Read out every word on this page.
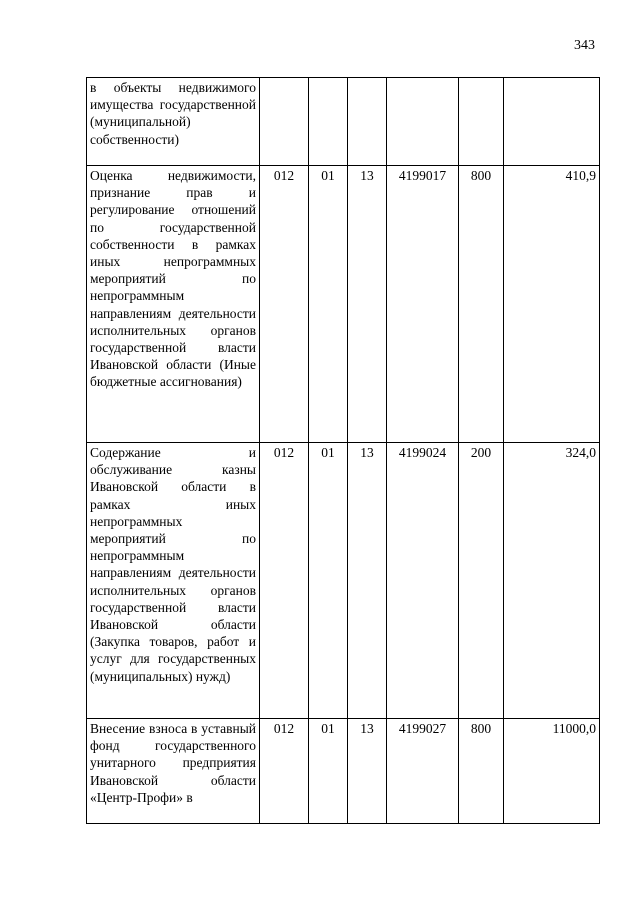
343
в объекты недвижимого имущества государственной (муниципальной) собственности)						
Оценка недвижимости, признание прав и регулирование отношений по государственной собственности в рамках иных непрограммных мероприятий по непрограммным направлениям деятельности исполнительных органов государственной власти Ивановской области (Иные бюджетные ассигнования)	012	01	13	4199017	800	410,9
Содержание и обслуживание казны Ивановской области в рамках иных непрограммных мероприятий по непрограммным направлениям деятельности исполнительных органов государственной власти Ивановской области (Закупка товаров, работ и услуг для государственных (муниципальных) нужд)	012	01	13	4199024	200	324,0
Внесение взноса в уставный фонд государственного унитарного предприятия Ивановской области «Центр-Профи» в	012	01	13	4199027	800	11000,0
